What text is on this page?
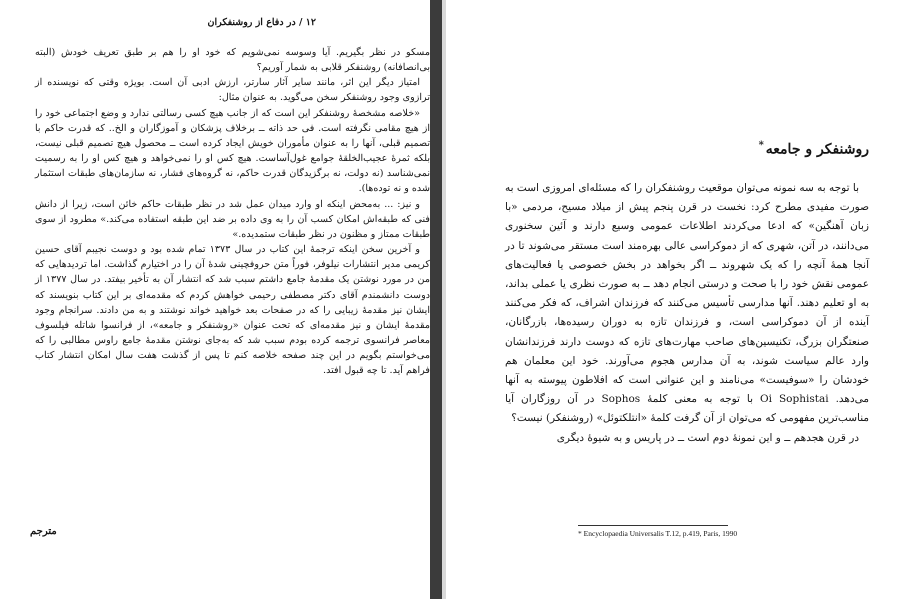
۱۲ / در دفاع از روشنفکران

مسکو در نظر بگیریم. آیا وسوسه نمی‌شویم که خود او را هم بر طبق تعریف خودش (البته بی‌انصافانه) روشنفکر قلابی به شمار آوریم؟

امتیاز دیگر این اثر، مانند سایر آثار سارتر، ارزش ادبی آن است. بویژه وقتی که نویسنده از ترازوی وجود روشنفکر سخن می‌گوید. به عنوان مثال:

«خلاصه مشخصهٔ روشنفکر این است که از جانب هیچ کسی رسالتی ندارد و وضع اجتماعی خود را از هیچ مقامی نگرفته است. فی حد ذاته ــ برخلاف پزشکان و آموزگاران و الخ.. که قدرت حاکم با تصمیم قبلی، آنها را به عنوان مأموران خویش ایجاد کرده است ــ محصول هیچ تصمیم قبلی نیست، بلکه ثمرهٔ عجیب‌الخلقهٔ جوامع غول‌آساست. هیچ کس او را نمی‌خواهد و هیچ کس او را به رسمیت نمی‌شناسد (نه دولت، نه برگزیدگان قدرت حاکم، نه گروه‌های فشار، نه سازمان‌های طبقات استثمار شده و نه توده‌ها).

و نیز: ... به‌محض اینکه او وارد میدان عمل شد در نظر طبقات حاکم خائن است، زیرا از دانش فنی که طبقه‌اش امکان کسب آن را به وی داده بر ضد این طبقه استفاده می‌کند.» مطرود از سوی طبقات ممتاز و مظنون در نظر طبقات ستمدیده.»

و آخرین سخن اینکه ترجمهٔ این کتاب در سال ۱۳۷۳ تمام شده بود و دوست نجیبم آقای حسین کریمی مدیر انتشارات نیلوفر، فوراً متن حروفچینی شدهٔ آن را در اختیارم گذاشت. اما تردیدهایی که من در مورد نوشتن یک مقدمهٔ جامع داشتم سبب شد که انتشار آن به تأخیر بیفتد. در سال ۱۳۷۷ از دوست دانشمندم آقای دکتر مصطفی رحیمی خواهش کردم که مقدمه‌ای بر این کتاب بنویسند که ایشان نیز مقدمهٔ زیبایی را که در صفحات بعد خواهید خواند نوشتند و به من دادند. سرانجام وجود مقدمهٔ ایشان و نیز مقدمه‌ای که تحت عنوان «روشنفکر و جامعه»، از فرانسوا شاتله فیلسوف معاصر فرانسوی ترجمه کرده بودم سبب شد که به‌جای نوشتن مقدمهٔ جامع راوس مطالبی را که می‌خواستم بگویم در این چند صفحه خلاصه کنم تا پس از گذشت هفت سال امکان انتشار کتاب فراهم آید. تا چه قبول افتد.

مترجم
روشنفکر و جامعه*

با توجه به سه نمونه می‌توان موقعیت روشنفکران را که مسئله‌ای امروزی است به صورت مفیدی مطرح کرد: نخست در قرن پنجم پیش از میلاد مسیح، مردمی «با زبان آهنگین» که ادعا می‌کردند اطلاعات عمومی وسیع دارند و آئین سخنوری می‌دانند، در آتن، شهری که از دموکراسی عالی بهره‌مند است مستقر می‌شوند تا در آنجا همهٔ آنچه را که یک شهروند ــ اگر بخواهد در بخش خصوصی یا فعالیت‌های عمومی نقش خود را با صحت و درستی انجام دهد ــ به صورت نظری یا عملی بداند، به او تعلیم دهند. آنها مدارسی تأسیس می‌کنند که فرزندان اشراف، که فکر می‌کنند آینده از آن دموکراسی است، و فرزندان تازه به دوران رسیده‌ها، بازرگانان، صنعتگران بزرگ، تکنیسین‌های صاحب مهارت‌های تازه که دوست دارند فرزندانشان وارد عالم سیاست شوند، به آن مدارس هجوم می‌آورند. خود این معلمان هم خودشان را «سوفیست» می‌نامند و این عنوانی است که افلاطون پیوسته به آنها می‌دهد. Oi Sophistai با توجه به معنی کلمهٔ Sophos در آن روزگاران آیا مناسب‌ترین مفهومی که می‌توان از آن گرفت کلمهٔ «انتلکتوئل» (روشنفکر) نیست؟

در قرن هجدهم ــ و این نمونهٔ دوم است ــ در پاریس و به شیوهٔ دیگری

* Encyclopaedia Universalis T.12, p.419, Paris, 1990
